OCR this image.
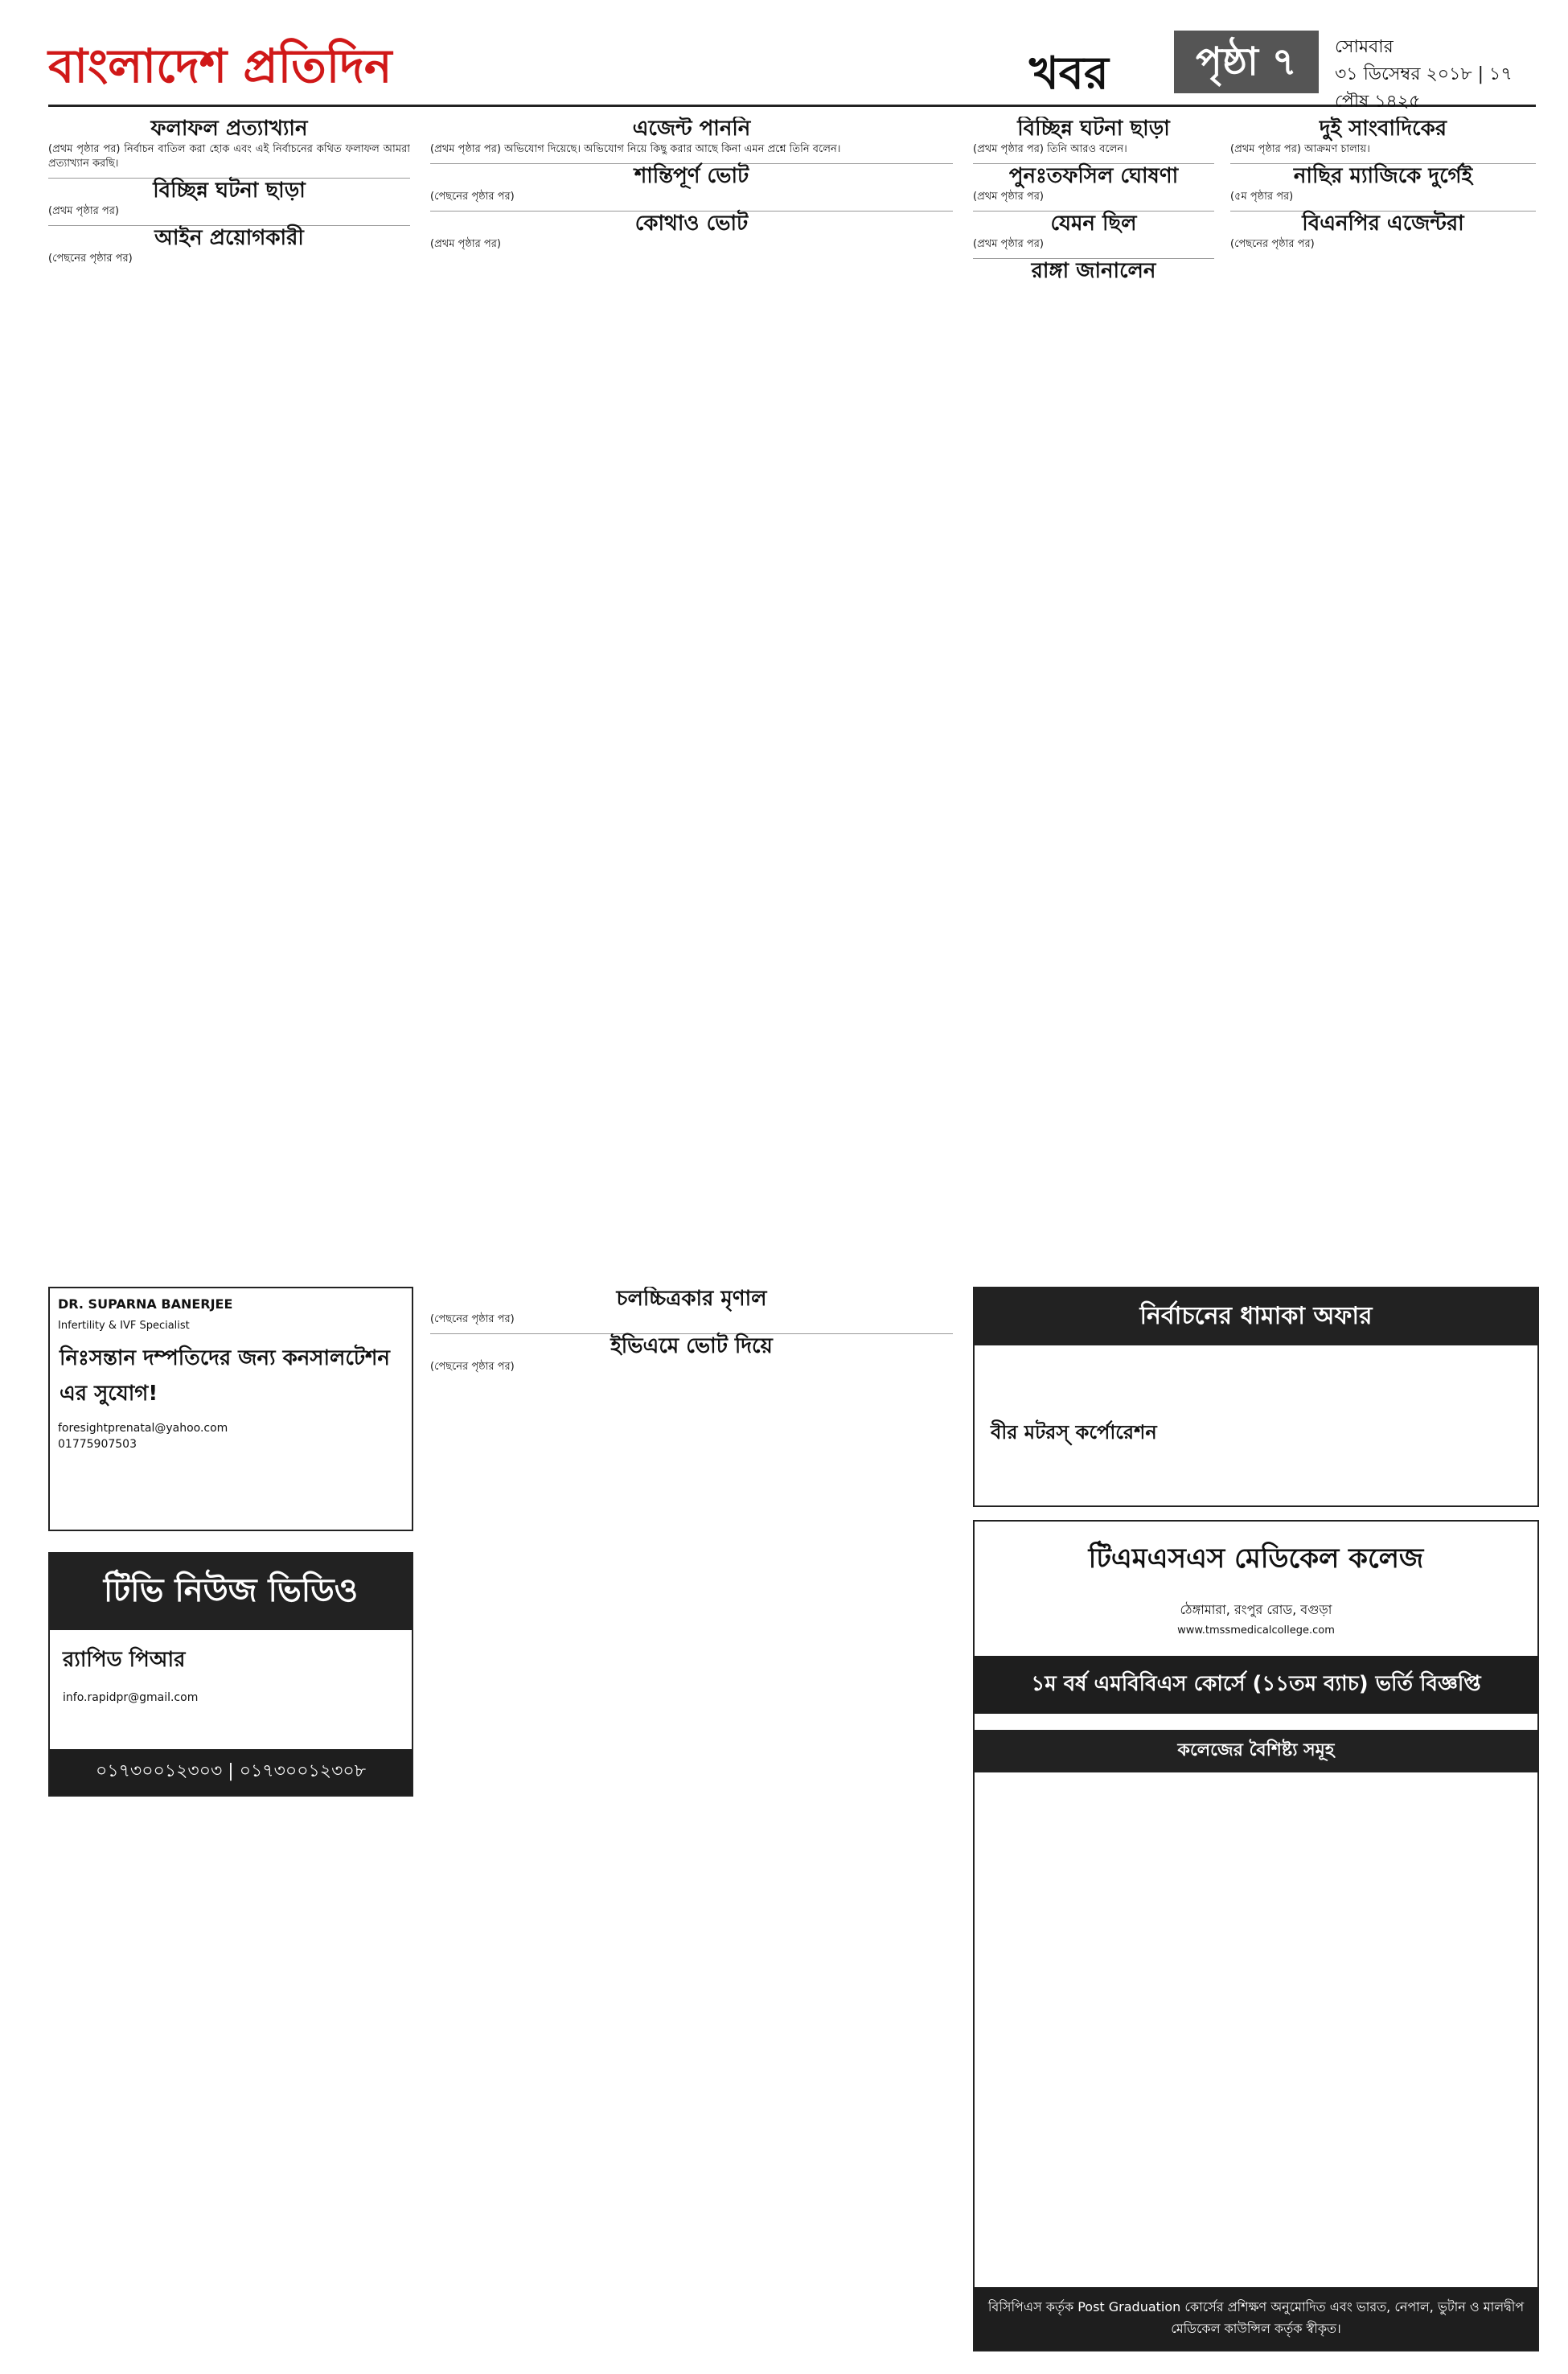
বাংলাদেশ প্রতিদিন	খবর	পৃষ্ঠা ৭	সোমবার
৩১ ডিসেম্বর ২০১৮ | ১৭ পৌষ ১৪২৫
ফলাফল প্রত্যাখ্যান

(প্রথম পৃষ্ঠার পর) নির্বাচন বাতিল করা হোক এবং এই নির্বাচনের কথিত ফলাফল আমরা প্রত্যাখ্যান করছি।

বিচ্ছিন্ন ঘটনা ছাড়া

(প্রথম পৃষ্ঠার পর)

আইন প্রয়োগকারী

(পেছনের পৃষ্ঠার পর)

এজেন্ট পাননি

(প্রথম পৃষ্ঠার পর) অভিযোগ দিয়েছে। অভিযোগ নিয়ে কিছু করার আছে কিনা এমন প্রশ্নে তিনি বলেন।

শান্তিপূর্ণ ভোট

(পেছনের পৃষ্ঠার পর)

কোথাও ভোট

(প্রথম পৃষ্ঠার পর)

বিচ্ছিন্ন ঘটনা ছাড়া

(প্রথম পৃষ্ঠার পর) তিনি আরও বলেন।

পুনঃতফসিল ঘোষণা

(প্রথম পৃষ্ঠার পর)

যেমন ছিল

(প্রথম পৃষ্ঠার পর)

রাঙ্গা জানালেন
দুই সাংবাদিকের

(প্রথম পৃষ্ঠার পর) আক্রমণ চালায়।

নাছির ম্যাজিকে দুর্গেই

(৫ম পৃষ্ঠার পর)

বিএনপির এজেন্টরা

(পেছনের পৃষ্ঠার পর)

চলচ্চিত্রকার মৃণাল

(পেছনের পৃষ্ঠার পর)

ইভিএমে ভোট দিয়ে

(পেছনের পৃষ্ঠার পর)

DR. SUPARNA BANERJEE
Infertility & IVF Specialist
নিঃসন্তান দম্পতিদের জন্য কনসালটেশন এর সুযোগ!
foresightprenatal@yahoo.com
01775907503
টিভি নিউজ ভিডিও
র‍্যাপিড পিআর
info.rapidpr@gmail.com
০১৭৩০০১২৩০৩ | ০১৭৩০০১২৩০৮
নির্বাচনের ধামাকা অফার
বীর মটরস্ কর্পোরেশন
টিএমএসএস মেডিকেল কলেজ
ঠেঙ্গামারা, রংপুর রোড, বগুড়া
www.tmssmedicalcollege.com
১ম বর্ষ এমবিবিএস কোর্সে (১১তম ব্যাচ) ভর্তি বিজ্ঞপ্তি
কলেজের বৈশিষ্ট্য সমূহ
বিসিপিএস কর্তৃক Post Graduation কোর্সের প্রশিক্ষণ অনুমোদিত এবং ভারত, নেপাল, ভুটান ও মালদ্বীপ মেডিকেল কাউন্সিল কর্তৃক স্বীকৃত।
